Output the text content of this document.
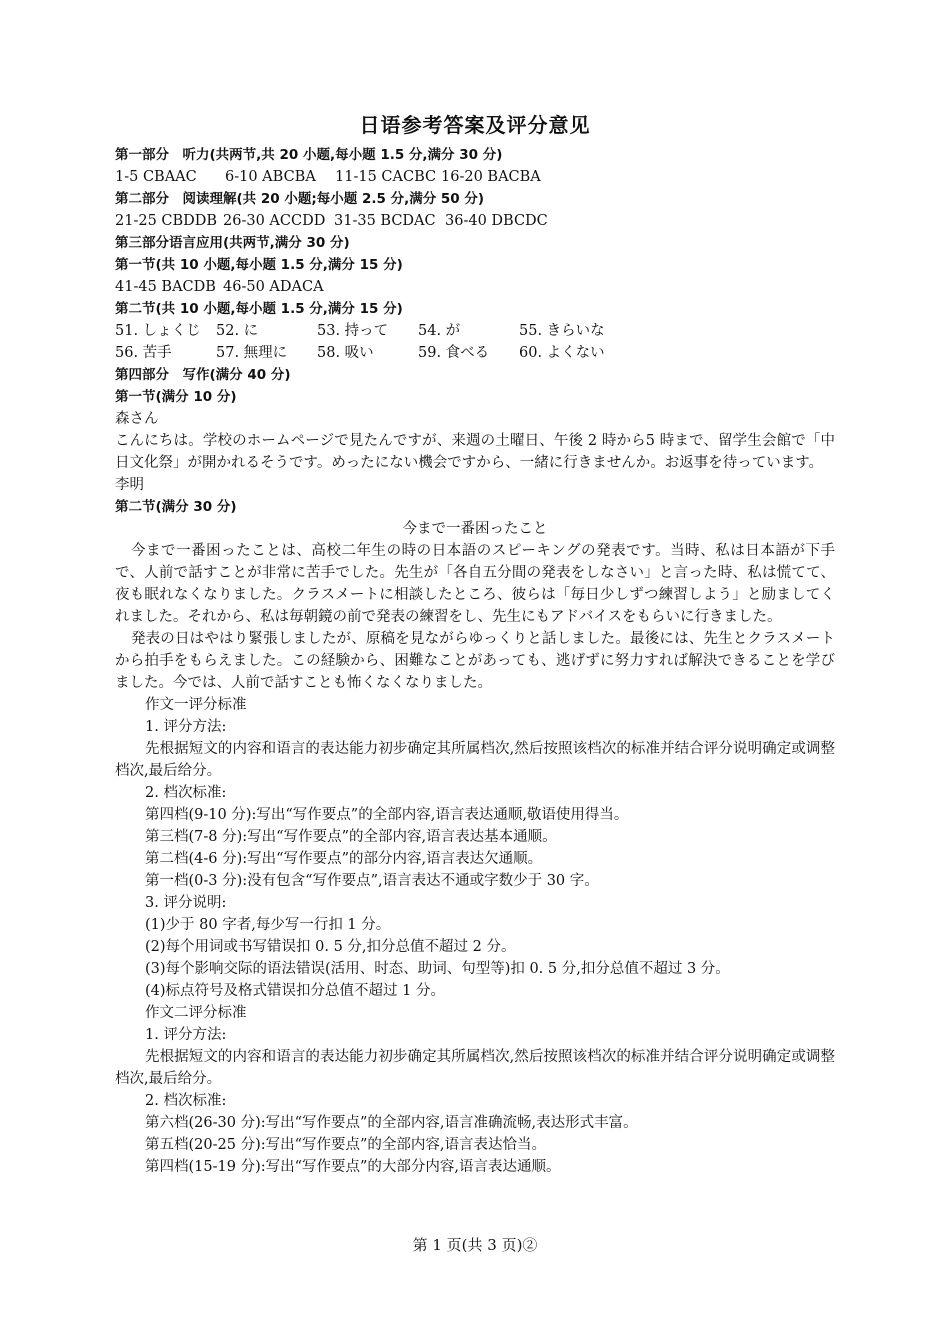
日语参考答案及评分意见
第一部分　听力(共两节,共 20 小题,每小题 1.5 分,满分 30 分)
1-5 CBAAC 6-10 ABCBA 11-15 CACBC 16-20 BACBA
第二部分　阅读理解(共 20 小题;每小题 2.5 分,满分 50 分)
21-25 CBDDB 26-30 ACCDD 31-35 BCDAC 36-40 DBCDC
第三部分语言应用(共两节,满分 30 分)
第一节(共 10 小题,每小题 1.5 分,满分 15 分)
41-45 BACDB 46-50 ADACA
第二节(共 10 小题,每小题 1.5 分,满分 15 分)
51. しょくじ 52. に	53. 持って 54. が	55. きらいな
56. 苦手	57. 無理に 58. 吸い	59. 食べる 60. よくない
第四部分　写作(满分 40 分)
第一节(满分 10 分)
森さん

こんにちは。学校のホームページで見たんですが、来週の土曜日、午後 2 時から5 時まで、留学生会館で「中日文化祭」が開かれるそうです。めったにない機会ですから、一緒に行きませんか。お返事を待っています。

李明
第二节(满分 30 分)
今まで一番困ったこと

今まで一番困ったことは、高校二年生の時の日本語のスピーキングの発表です。当時、私は日本語が下手で、人前で話すことが非常に苦手でした。先生が「各自五分間の発表をしなさい」と言った時、私は慌てて、夜も眠れなくなりました。クラスメートに相談したところ、彼らは「毎日少しずつ練習しよう」と励ましてくれました。それから、私は毎朝鏡の前で発表の練習をし、先生にもアドバイスをもらいに行きました。

発表の日はやはり緊張しましたが、原稿を見ながらゆっくりと話しました。最後には、先生とクラスメートから拍手をもらえました。この経験から、困難なことがあっても、逃げずに努力すれば解決できることを学びました。今では、人前で話すことも怖くなくなりました。

作文一评分标准
1. 评分方法:

先根据短文的内容和语言的表达能力初步确定其所属档次,然后按照该档次的标准并结合评分说明确定或调整档次,最后给分。

2. 档次标准:
第四档(9-10 分):写出“写作要点”的全部内容,语言表达通顺,敬语使用得当。
第三档(7-8 分):写出“写作要点”的全部内容,语言表达基本通顺。
第二档(4-6 分):写出“写作要点”的部分内容,语言表达欠通顺。
第一档(0-3 分):没有包含“写作要点”,语言表达不通或字数少于 30 字。
3. 评分说明:
(1)少于 80 字者,每少写一行扣 1 分。
(2)每个用词或书写错误扣 0. 5 分,扣分总值不超过 2 分。
(3)每个影响交际的语法错误(活用、时态、助词、句型等)扣 0. 5 分,扣分总值不超过 3 分。
(4)标点符号及格式错误扣分总值不超过 1 分。
作文二评分标准
1. 评分方法:

先根据短文的内容和语言的表达能力初步确定其所属档次,然后按照该档次的标准并结合评分说明确定或调整档次,最后给分。

2. 档次标准:
第六档(26-30 分):写出“写作要点”的全部内容,语言准确流畅,表达形式丰富。
第五档(20-25 分):写出“写作要点”的全部内容,语言表达恰当。
第四档(15-19 分):写出“写作要点”的大部分内容,语言表达通顺。
第 1 页(共 3 页)②
